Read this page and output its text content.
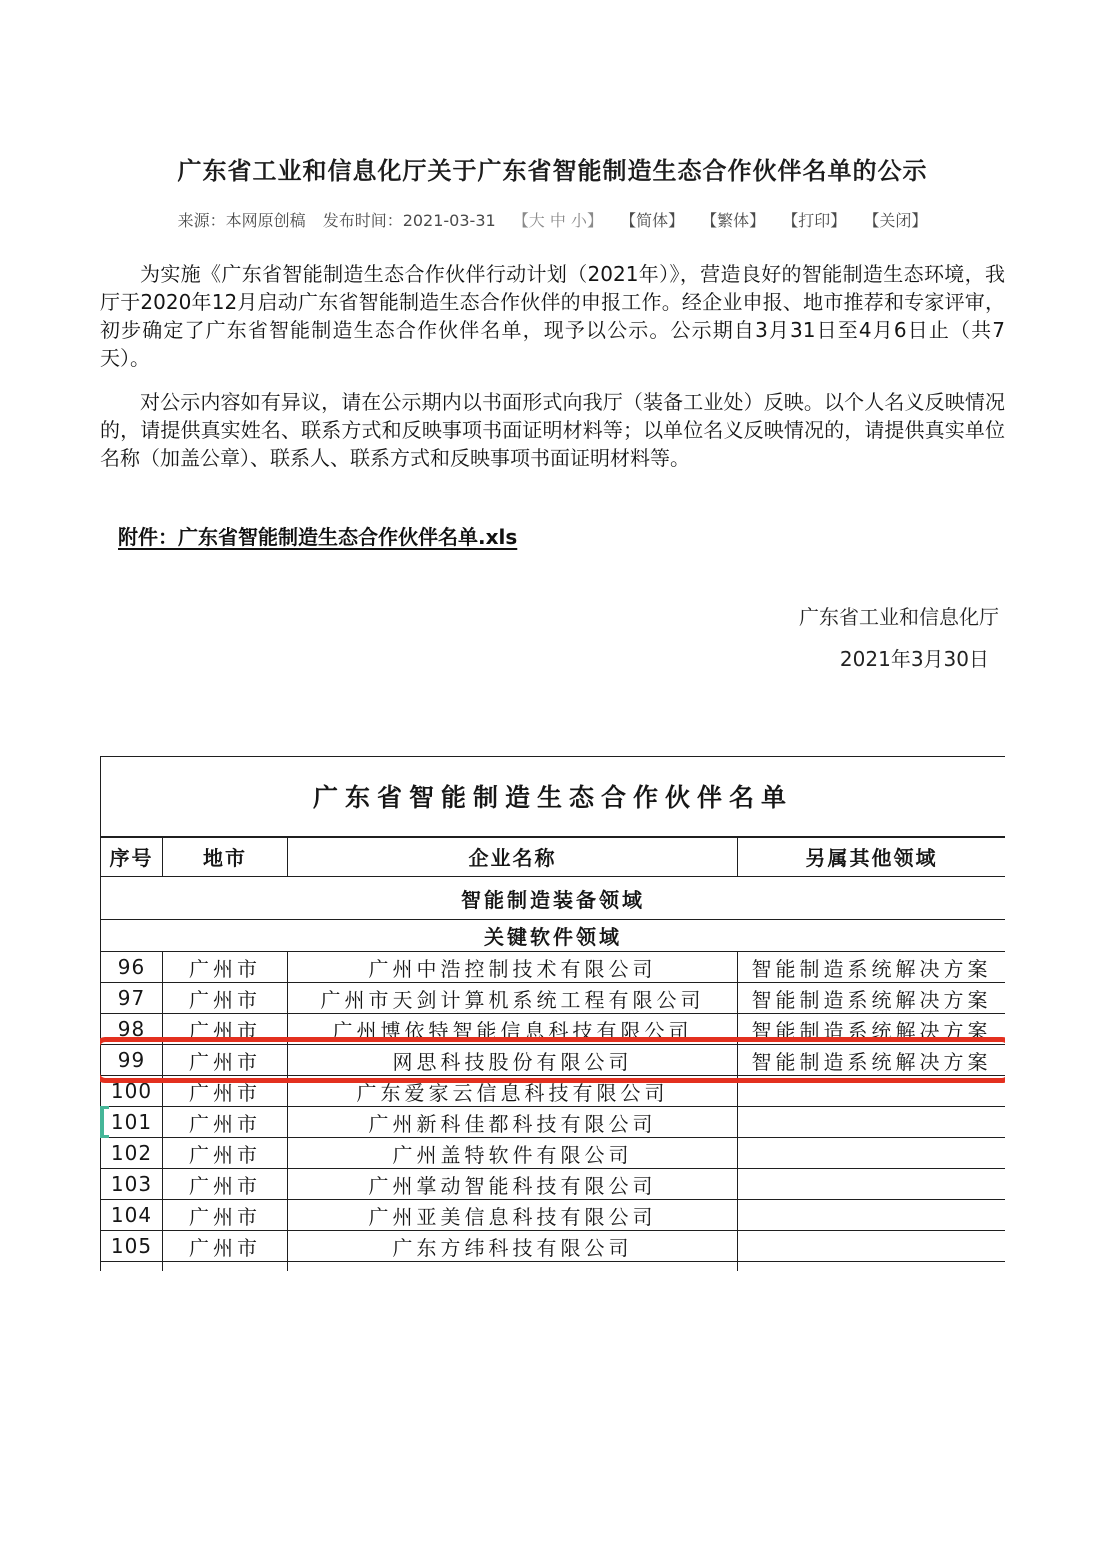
广东省工业和信息化厅关于广东省智能制造生态合作伙伴名单的公示
来源：本网原创稿 发布时间：2021-03-31 【大 中 小】 【简体】 【繁体】 【打印】 【关闭】
为实施《广东省智能制造生态合作伙伴行动计划（2021年）》，营造良好的智能制造生态环境，我厅于2020年12月启动广东省智能制造生态合作伙伴的申报工作。经企业申报、地市推荐和专家评审，初步确定了广东省智能制造生态合作伙伴名单，现予以公示。公示期自3月31日至4月6日止（共7天）。
对公示内容如有异议，请在公示期内以书面形式向我厅（装备工业处）反映。以个人名义反映情况的，请提供真实姓名、联系方式和反映事项书面证明材料等；以单位名义反映情况的，请提供真实单位名称（加盖公章）、联系人、联系方式和反映事项书面证明材料等。
附件：广东省智能制造生态合作伙伴名单.xls
广东省工业和信息化厅
2021年3月30日
广东省智能制造生态合作伙伴名单			
序号	地市	企业名称	另属其他领域
智能制造装备领域			
关键软件领域			
96	广州市	广州中浩控制技术有限公司	智能制造系统解决方案
97	广州市	广州市天剑计算机系统工程有限公司	智能制造系统解决方案
98	广州市	广州博依特智能信息科技有限公司	智能制造系统解决方案
99	广州市	网思科技股份有限公司	智能制造系统解决方案
100	广州市	广东爱家云信息科技有限公司	
101	广州市	广州新科佳都科技有限公司	
102	广州市	广州盖特软件有限公司	
103	广州市	广州掌动智能科技有限公司	
104	广州市	广州亚美信息科技有限公司	
105	广州市	广东方纬科技有限公司	
